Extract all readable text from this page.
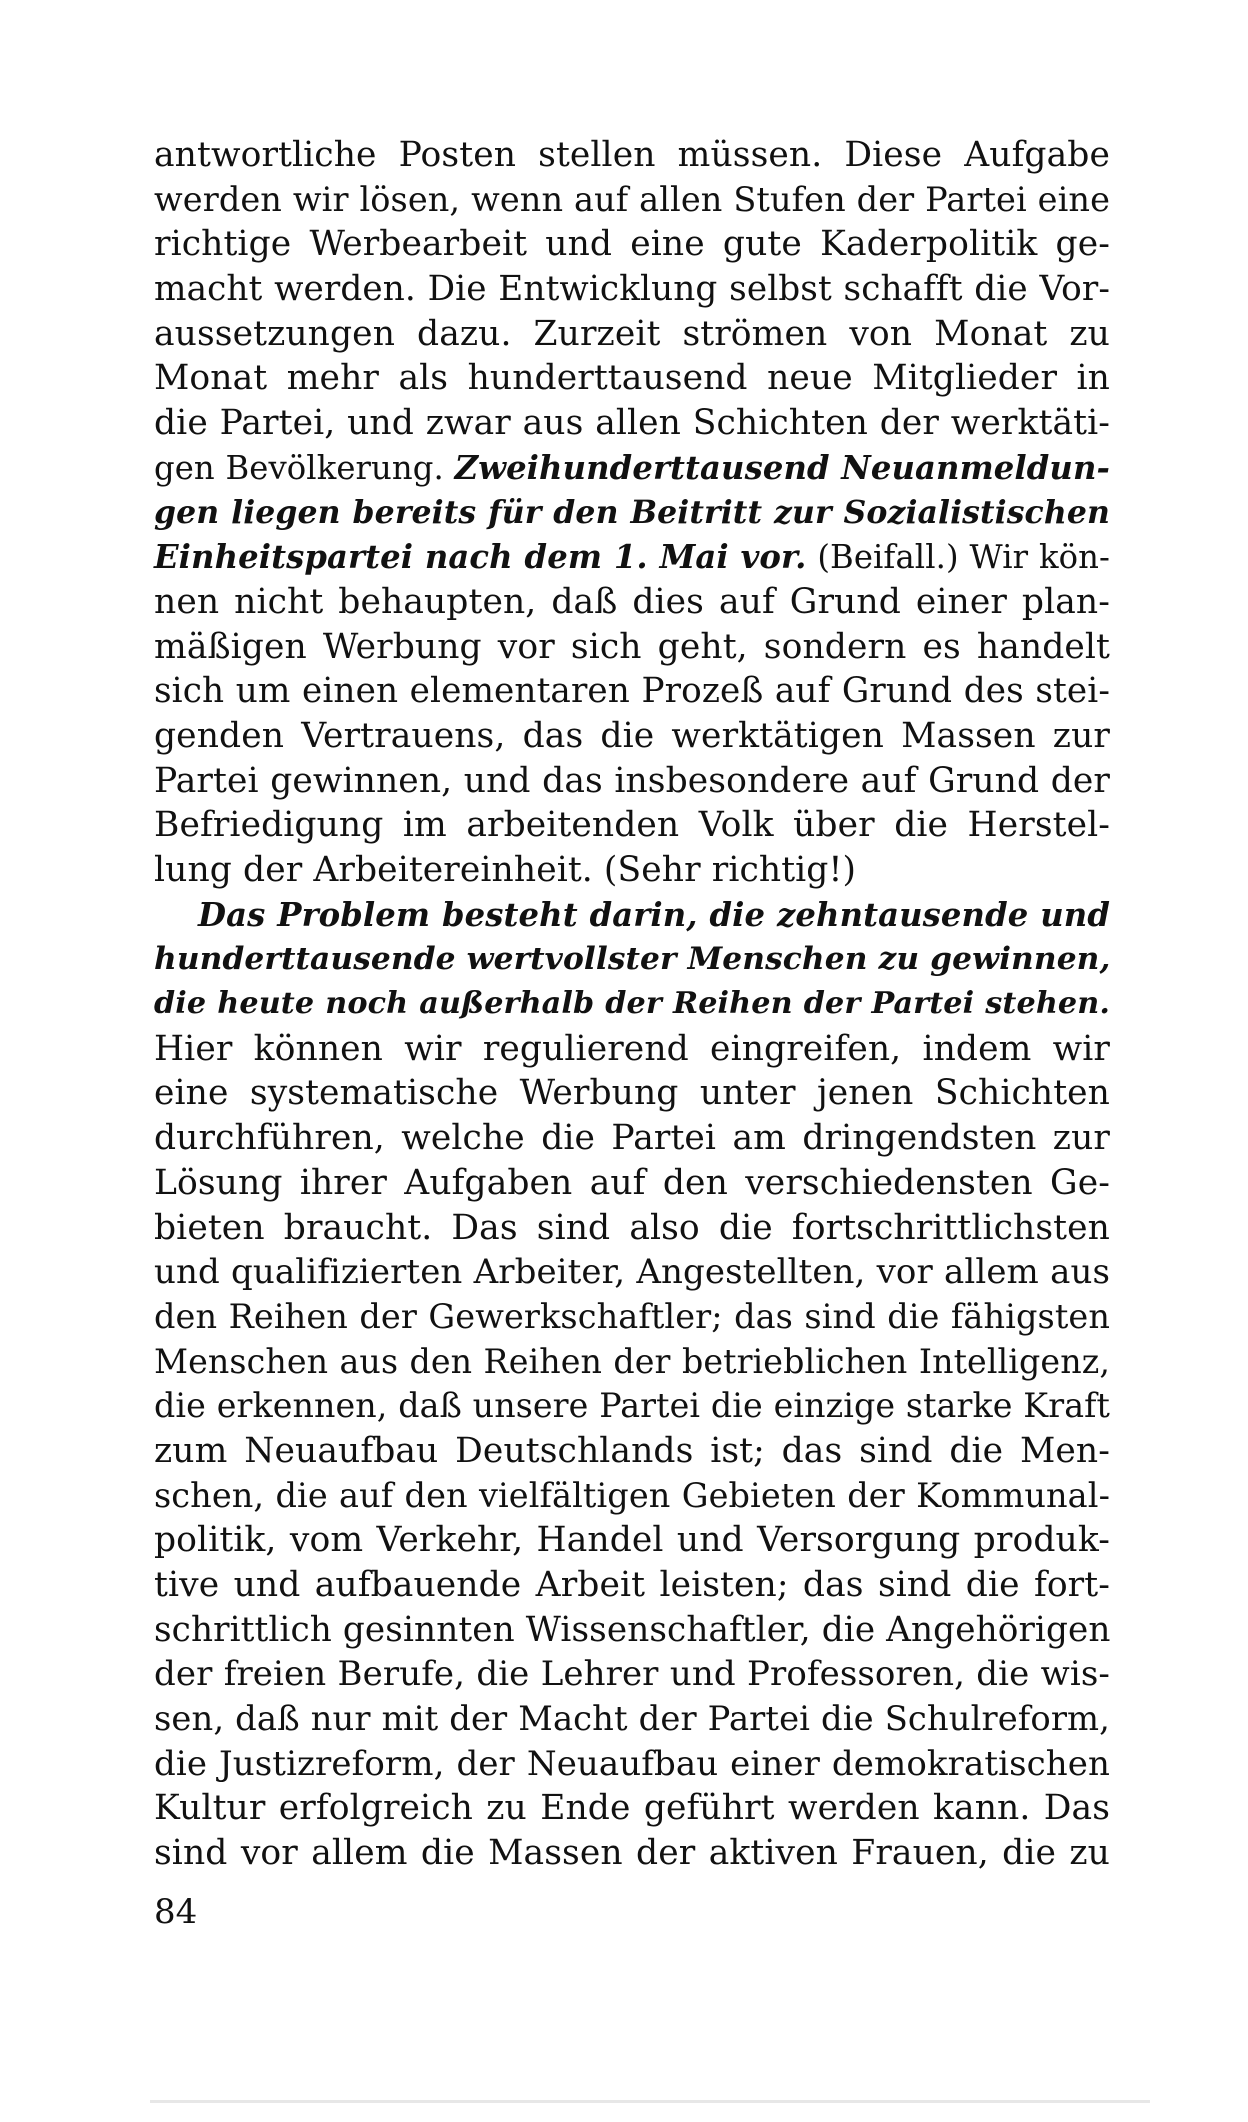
antwortliche Posten stellen müssen. Diese Aufgabe
werden wir lösen, wenn auf allen Stufen der Partei eine
richtige Werbearbeit und eine gute Kaderpolitik ge-
macht werden. Die Entwicklung selbst schafft die Vor-
aussetzungen dazu. Zurzeit strömen von Monat zu
Monat mehr als hunderttausend neue Mitglieder in
die Partei, und zwar aus allen Schichten der werktäti-
gen Bevölkerung. Zweihunderttausend Neuanmeldun-
gen liegen bereits für den Beitritt zur Sozialistischen
Einheitspartei nach dem 1. Mai vor. (Beifall.) Wir kön-
nen nicht behaupten, daß dies auf Grund einer plan-
mäßigen Werbung vor sich geht, sondern es handelt
sich um einen elementaren Prozeß auf Grund des stei-
genden Vertrauens, das die werktätigen Massen zur
Partei gewinnen, und das insbesondere auf Grund der
Befriedigung im arbeitenden Volk über die Herstel-
lung der Arbeitereinheit. (Sehr richtig!)
Das Problem besteht darin, die zehntausende und
hunderttausende wertvollster Menschen zu gewinnen,
die heute noch außerhalb der Reihen der Partei stehen.
Hier können wir regulierend eingreifen, indem wir
eine systematische Werbung unter jenen Schichten
durchführen, welche die Partei am dringendsten zur
Lösung ihrer Aufgaben auf den verschiedensten Ge-
bieten braucht. Das sind also die fortschrittlichsten
und qualifizierten Arbeiter, Angestellten, vor allem aus
den Reihen der Gewerkschaftler; das sind die fähigsten
Menschen aus den Reihen der betrieblichen Intelligenz,
die erkennen, daß unsere Partei die einzige starke Kraft
zum Neuaufbau Deutschlands ist; das sind die Men-
schen, die auf den vielfältigen Gebieten der Kommunal-
politik, vom Verkehr, Handel und Versorgung produk-
tive und aufbauende Arbeit leisten; das sind die fort-
schrittlich gesinnten Wissenschaftler, die Angehörigen
der freien Berufe, die Lehrer und Professoren, die wis-
sen, daß nur mit der Macht der Partei die Schulreform,
die Justizreform, der Neuaufbau einer demokratischen
Kultur erfolgreich zu Ende geführt werden kann. Das
sind vor allem die Massen der aktiven Frauen, die zu
84
